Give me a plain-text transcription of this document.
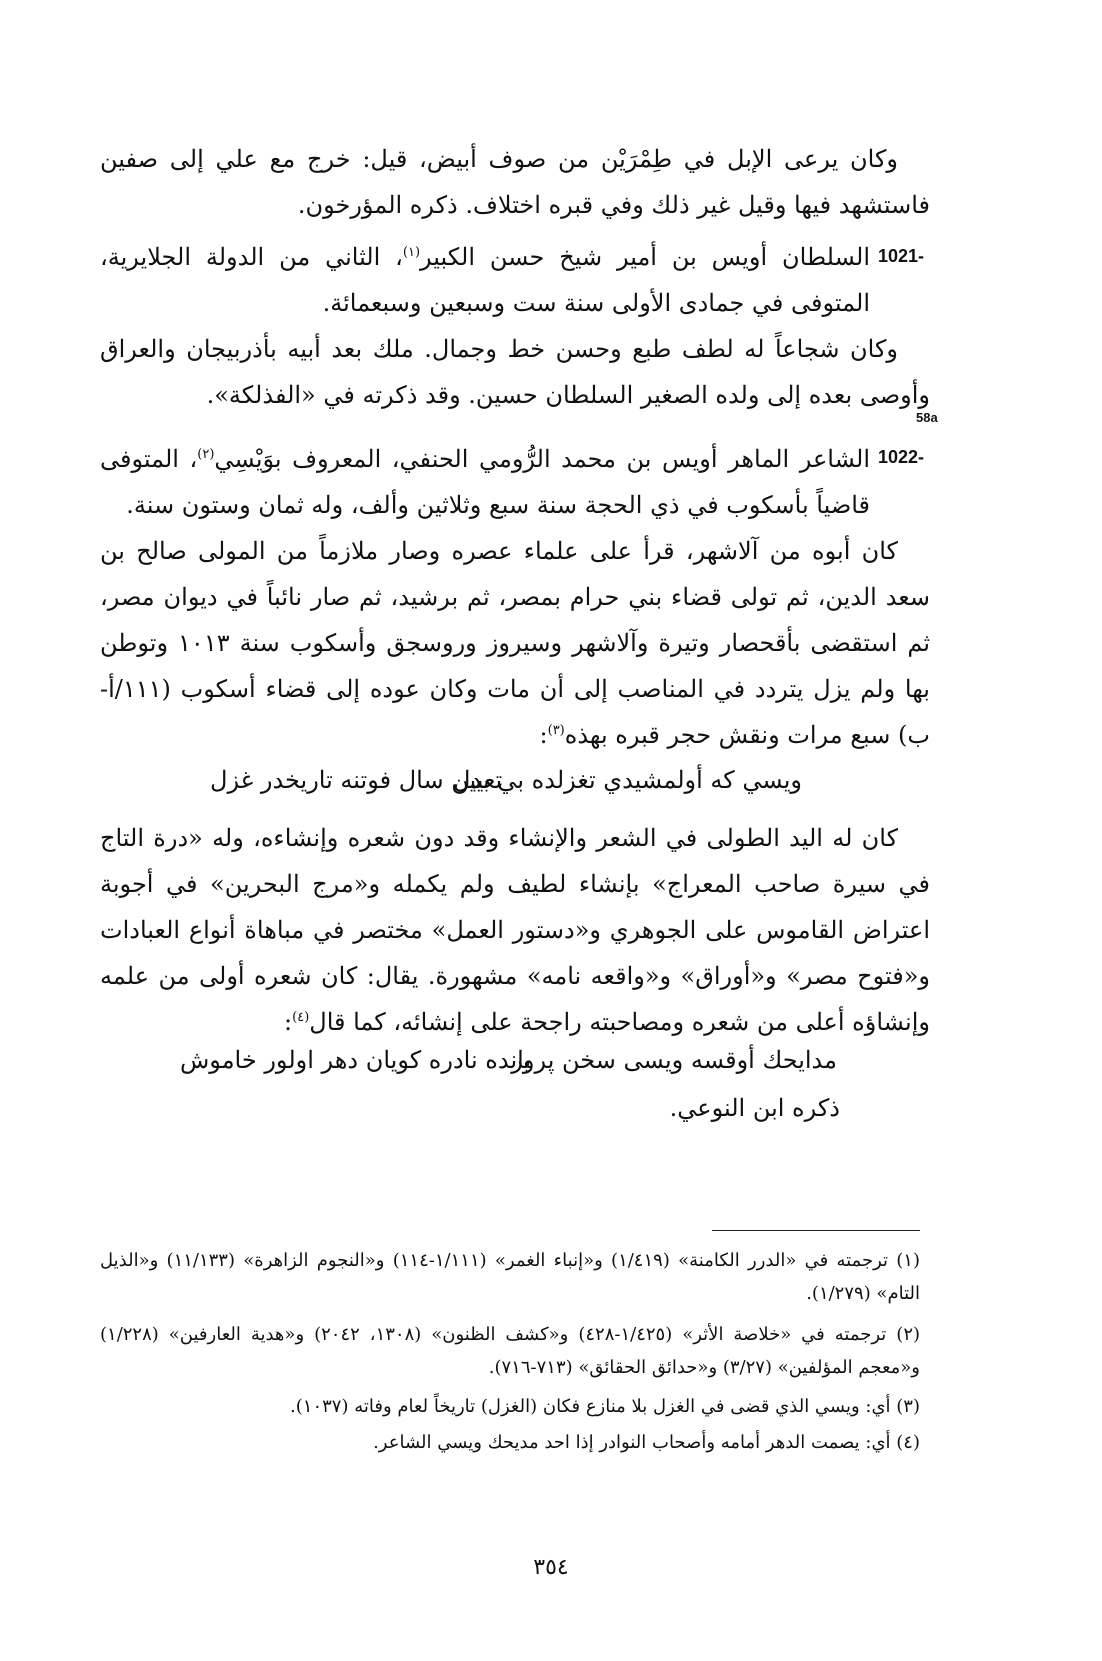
وكان يرعى الإبل في طِمْرَيْن من صوف أبيض، قيل: خرج مع علي إلى صفين فاستشهد فيها وقيل غير ذلك وفي قبره اختلاف. ذكره المؤرخون.
1021-
السلطان أويس بن أمير شيخ حسن الكبير$^{(١)}$، الثاني من الدولة الجلايرية، المتوفى في جمادى الأولى سنة ست وسبعين وسبعمائة.
وكان شجاعاً له لطف طبع وحسن خط وجمال. ملك بعد أبيه بأذربيجان والعراق وأوصى بعده إلى ولده الصغير السلطان حسين. وقد ذكرته في «الفذلكة».
58a
1022-
الشاعر الماهر أويس بن محمد الرُّومي الحنفي، المعروف بوَيْسِي$^{(٢)}$، المتوفى قاضياً بأسكوب في ذي الحجة سنة سبع وثلاثين وألف، وله ثمان وستون سنة.
كان أبوه من آلاشهر، قرأ على علماء عصره وصار ملازماً من المولى صالح بن سعد الدين، ثم تولى قضاء بني حرام بمصر، ثم برشيد، ثم صار نائباً في ديوان مصر، ثم استقضى بأقحصار وتيرة وآلاشهر وسيروز وروسجق وأسكوب سنة ١٠١٣ وتوطن بها ولم يزل يتردد في المناصب إلى أن مات وكان عوده إلى قضاء أسكوب (١١١/أ-ب) سبع مرات ونقش حجر قبره بهذه$^{(٣)}$:
ويسي كه أولمشيدي تغزلده بي بدل
تعيين سال فوتنه تاريخدر غزل
كان له اليد الطولى في الشعر والإنشاء وقد دون شعره وإنشاءه، وله «درة التاج في سيرة صاحب المعراج» بإنشاء لطيف ولم يكمله و«مرج البحرين» في أجوبة اعتراض القاموس على الجوهري و«دستور العمل» مختصر في مباهاة أنواع العبادات و«فتوح مصر» و«أوراق» و«واقعه نامه» مشهورة. يقال: كان شعره أولى من علمه وإنشاؤه أعلى من شعره ومصاحبته راجحة على إنشائه، كما قال$^{(٤)}$:
مدايحك أوقسه ويسى سخن پرور
يانده نادره كويان دهر اولور خاموش
ذكره ابن النوعي.
(١) ترجمته في «الدرر الكامنة» (١/٤١٩) و«إنباء الغمر» (١/١١١-١١٤) و«النجوم الزاهرة» (١١/١٣٣) و«الذيل التام» (١/٢٧٩).
(٢) ترجمته في «خلاصة الأثر» (١/٤٢٥-٤٢٨) و«كشف الظنون» (١٣٠٨، ٢٠٤٢) و«هدية العارفين» (١/٢٢٨) و«معجم المؤلفين» (٣/٢٧) و«حدائق الحقائق» (٧١٣-٧١٦).
(٣) أي: ويسي الذي قضى في الغزل بلا منازع فكان (الغزل) تاريخاً لعام وفاته (١٠٣٧).
(٤) أي: يصمت الدهر أمامه وأصحاب النوادر إذا احد مديحك ويسي الشاعر.
٣٥٤
